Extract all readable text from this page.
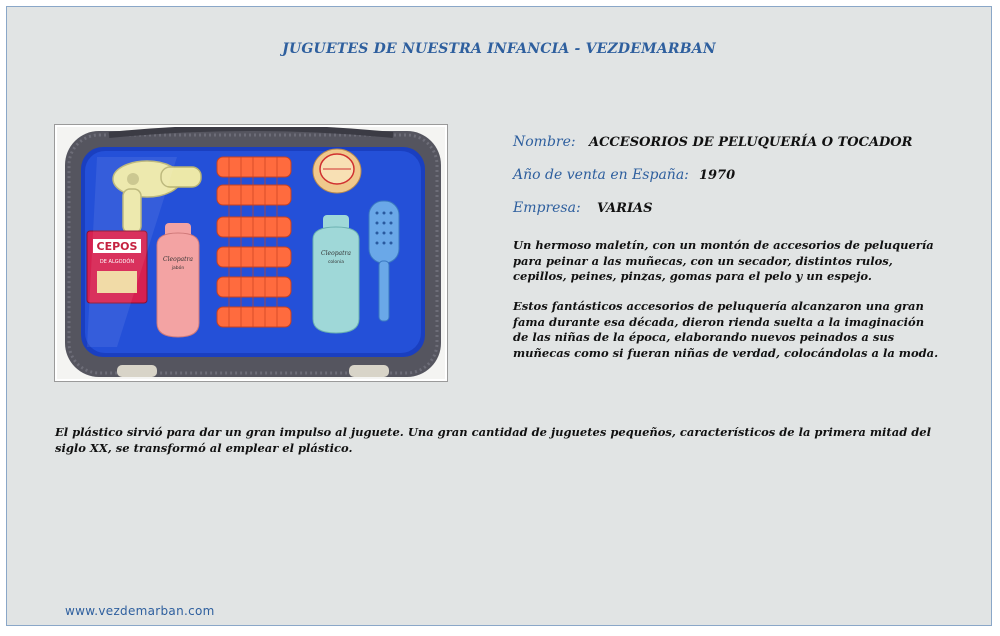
JUGUETES DE NUESTRA INFANCIA - VEZDEMARBAN
CEPOS
DE ALGODÓN	Cleopatra
jabón
Cleopatra
colonia
Nombre: ACCESORIOS DE PELUQUERÍA O TOCADOR
Año de venta en España: 1970
Empresa: VARIAS

Un hermoso maletín, con un montón de accesorios de peluquería para peinar a las muñecas, con un secador, distintos rulos, cepillos, peines, pinzas, gomas para el pelo y un espejo.

Estos fantásticos accesorios de peluquería alcanzaron una gran fama durante esa década, dieron rienda suelta a la imaginación de las niñas de la época, elaborando nuevos peinados a sus muñecas como si fueran niñas de verdad, colocándolas a la moda.

El plástico sirvió para dar un gran impulso al juguete. Una gran cantidad de juguetes pequeños, característicos de la primera mitad del siglo XX, se transformó al emplear el plástico.

www.vezdemarban.com
